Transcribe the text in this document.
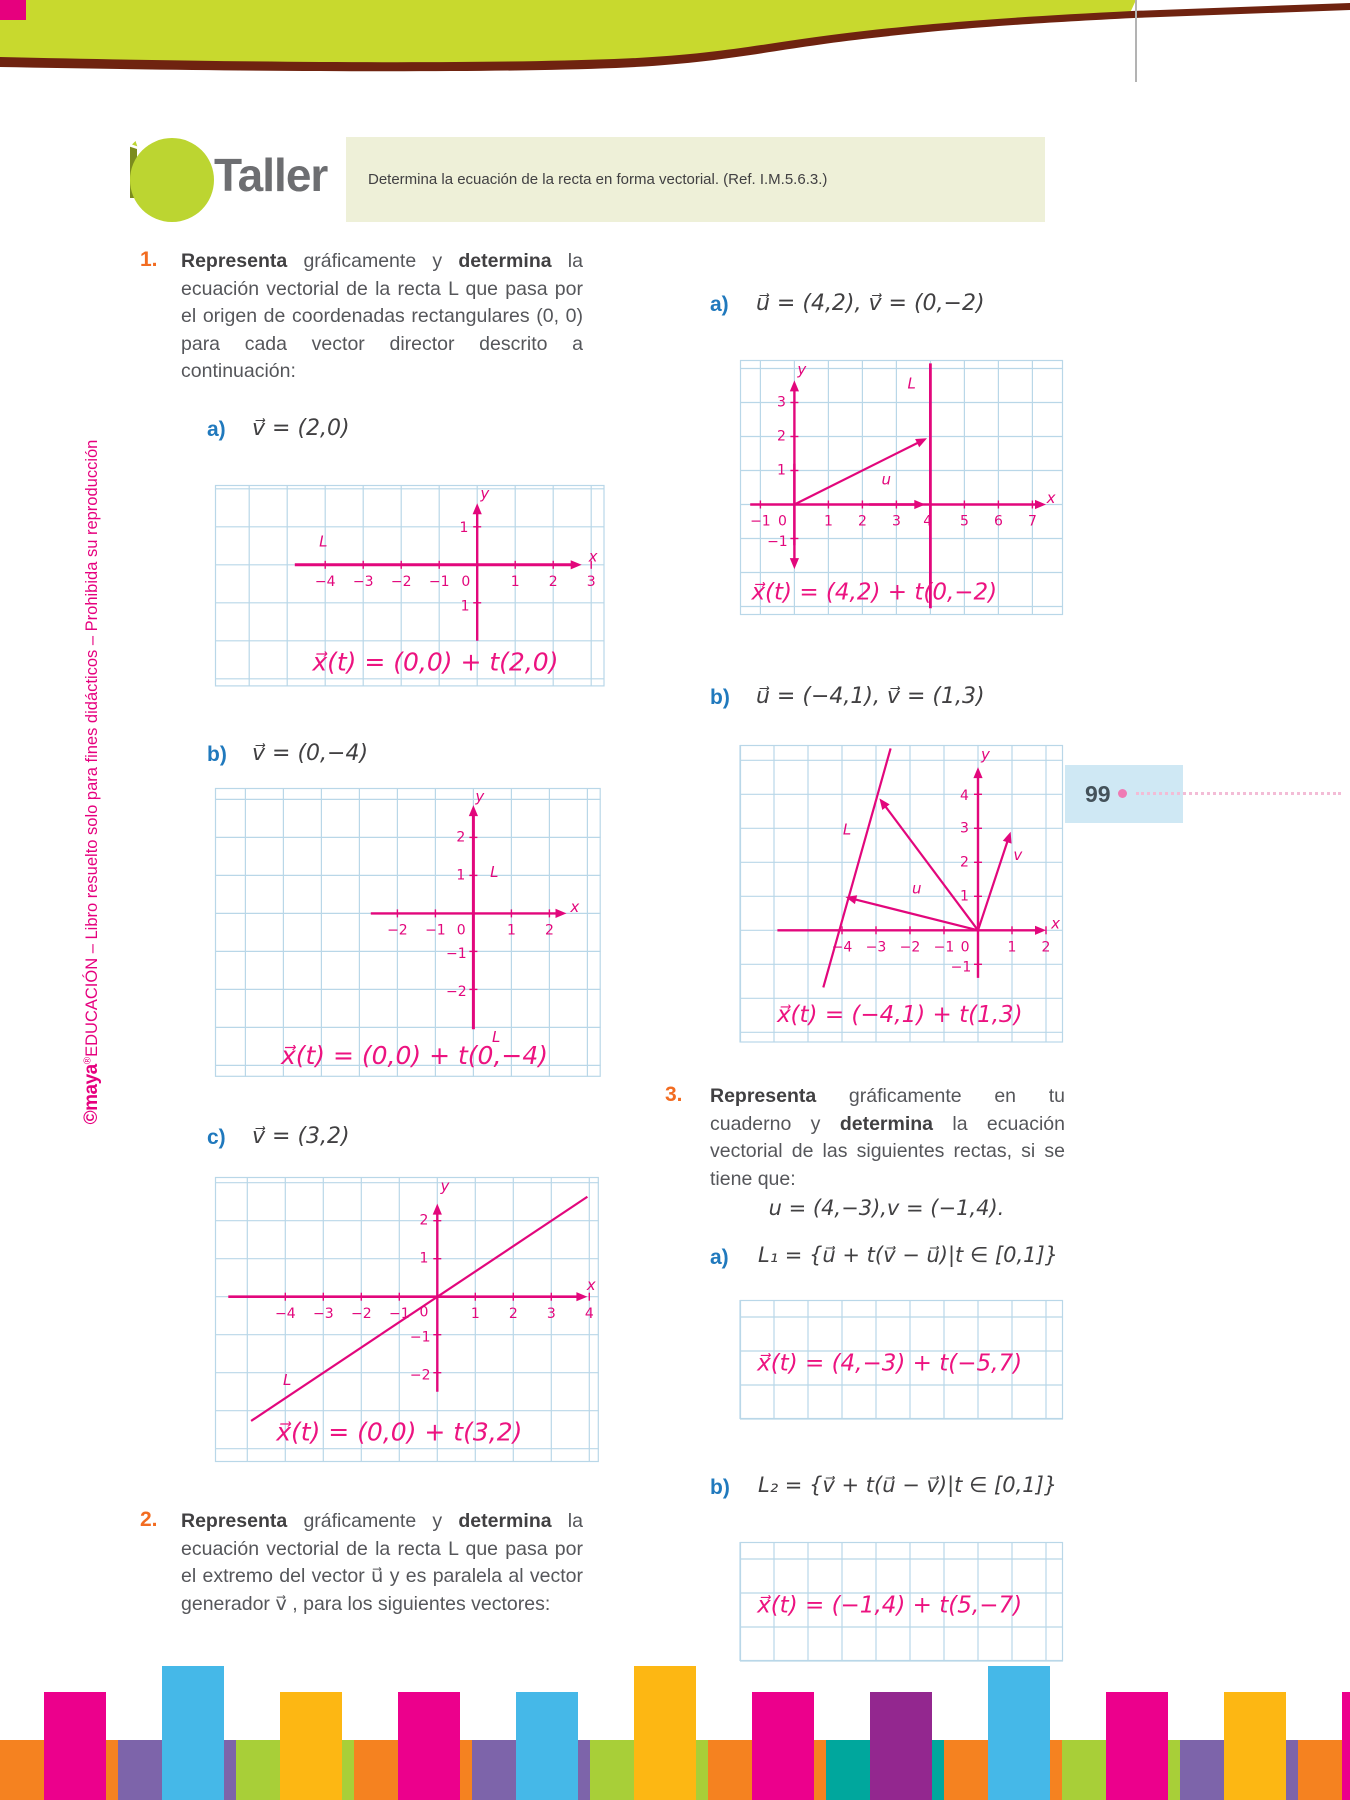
Taller	Determina la ecuación de la recta en forma vectorial. (Ref. I.M.5.6.3.)
©maya®EDUCACIÓN – Libro resuelto solo para fines didácticos – Prohibida su reproducción	99
1. Representa gráficamente y determina la ecuación vectorial de la recta L que pasa por el origen de coordenadas rectangulares (0, 0) para cada vector director descrito a continuación:
a) v⃗ = (2,0)
b) v⃗ = (0,−4)
c) v⃗ = (3,2)
2. Representa gráficamente y determina la ecuación vectorial de la recta L que pasa por el extremo del vector u⃗ y es paralela al vector generador v⃗ , para los siguientes vectores:
a) u⃗ = (4,2), v⃗ = (0,−2)
b) u⃗ = (−4,1), v⃗ = (1,3)
3. Representa gráficamente en tu cuaderno y determina la ecuación vectorial de las siguientes rectas, si se tiene que:
u = (4,−3),v = (−1,4).
a) L₁ = {u⃗ + t(v⃗ − u⃗)|t ∈ [0,1]}
b) L₂ = {v⃗ + t(u⃗ − v⃗)|t ∈ [0,1]}
−4 −3 −2 −1 0	1 2 3
1
1
y
x
L
x⃗(t) = (0,0) + t(2,0)
2
1
−1
−2
−2 −1 0	1 2
y
x
L
L
x⃗(t) = (0,0) + t(0,−4)
2
1
−1
−2
−4 −3 −2 −1 0	1 2 3 4
y
x
L
x⃗(t) = (0,0) + t(3,2)
−1 0	1 2 3 4 5 6 7
3
2
1
−1
y
x
L
u
x⃗(t) = (4,2) + t(0,−2)
−4 −3 −2 −1 0	1 2
4
3
2
1
−1
y
x
L
u
v
x⃗(t) = (−4,1) + t(1,3)
x⃗(t) = (4,−3) + t(−5,7)
x⃗(t) = (−1,4) + t(5,−7)
